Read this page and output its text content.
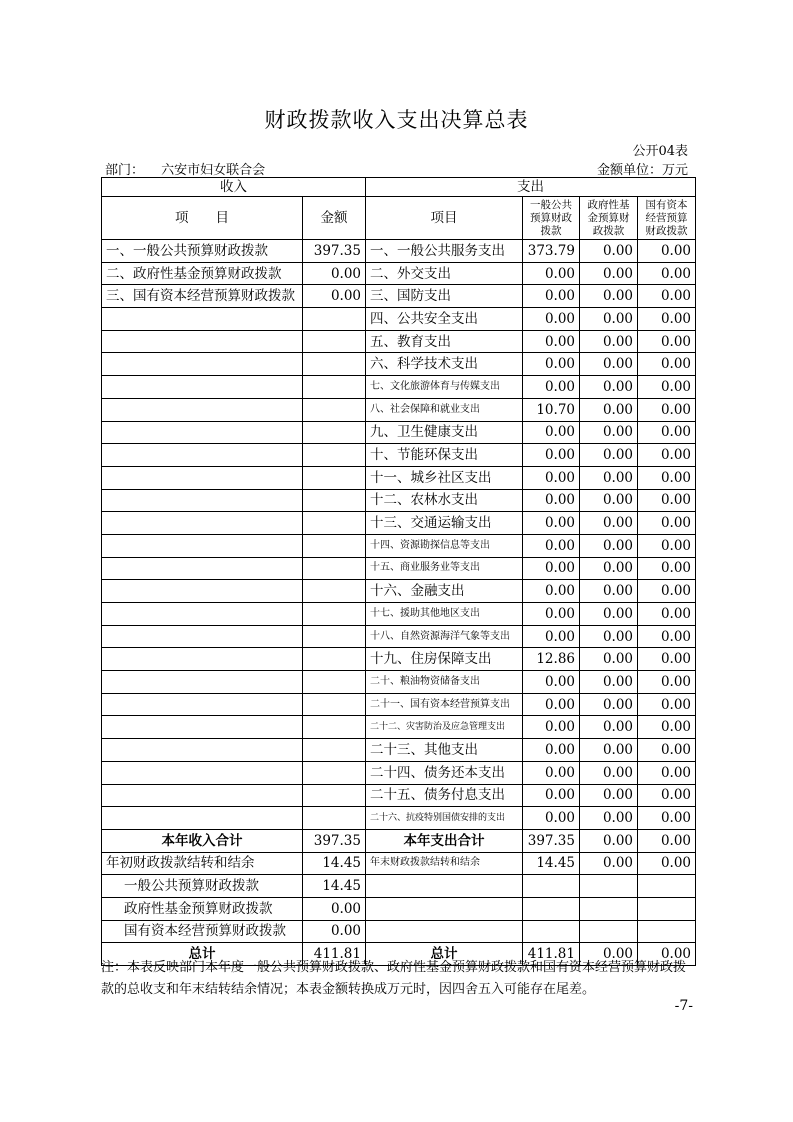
财政拨款收入支出决算总表
公开04表
部门：  六安市妇女联合会	金额单位：万元
收入		支出			
项　　目	金额	项目	一般公共预算财政拨款	政府性基金预算财政拨款	国有资本经营预算财政拨款
一、一般公共预算财政拨款	397.35	一、一般公共服务支出	373.79	0.00	0.00
二、政府性基金预算财政拨款	0.00	二、外交支出	0.00	0.00	0.00
三、国有资本经营预算财政拨款	0.00	三、国防支出	0.00	0.00	0.00
		四、公共安全支出	0.00	0.00	0.00
		五、教育支出	0.00	0.00	0.00
		六、科学技术支出	0.00	0.00	0.00
		七、文化旅游体育与传媒支出	0.00	0.00	0.00
		八、社会保障和就业支出	10.70	0.00	0.00
		九、卫生健康支出	0.00	0.00	0.00
		十、节能环保支出	0.00	0.00	0.00
		十一、城乡社区支出	0.00	0.00	0.00
		十二、农林水支出	0.00	0.00	0.00
		十三、交通运输支出	0.00	0.00	0.00
		十四、资源勘探信息等支出	0.00	0.00	0.00
		十五、商业服务业等支出	0.00	0.00	0.00
		十六、金融支出	0.00	0.00	0.00
		十七、援助其他地区支出	0.00	0.00	0.00
		十八、自然资源海洋气象等支出	0.00	0.00	0.00
		十九、住房保障支出	12.86	0.00	0.00
		二十、粮油物资储备支出	0.00	0.00	0.00
		二十一、国有资本经营预算支出	0.00	0.00	0.00
		二十二、灾害防治及应急管理支出	0.00	0.00	0.00
		二十三、其他支出	0.00	0.00	0.00
		二十四、债务还本支出	0.00	0.00	0.00
		二十五、债务付息支出	0.00	0.00	0.00
		二十六、抗疫特别国债安排的支出	0.00	0.00	0.00
本年收入合计	397.35	本年支出合计	397.35	0.00	0.00
年初财政拨款结转和结余	14.45	年末财政拨款结转和结余	14.45	0.00	0.00
一般公共预算财政拨款	14.45				
政府性基金预算财政拨款	0.00				
国有资本经营预算财政拨款	0.00				
总计	411.81	总计	411.81	0.00	0.00
注：本表反映部门本年度一般公共预算财政拨款、政府性基金预算财政拨款和国有资本经营预算财政拨款的总收支和年末结转结余情况；本表金额转换成万元时，因四舍五入可能存在尾差。
-7-
